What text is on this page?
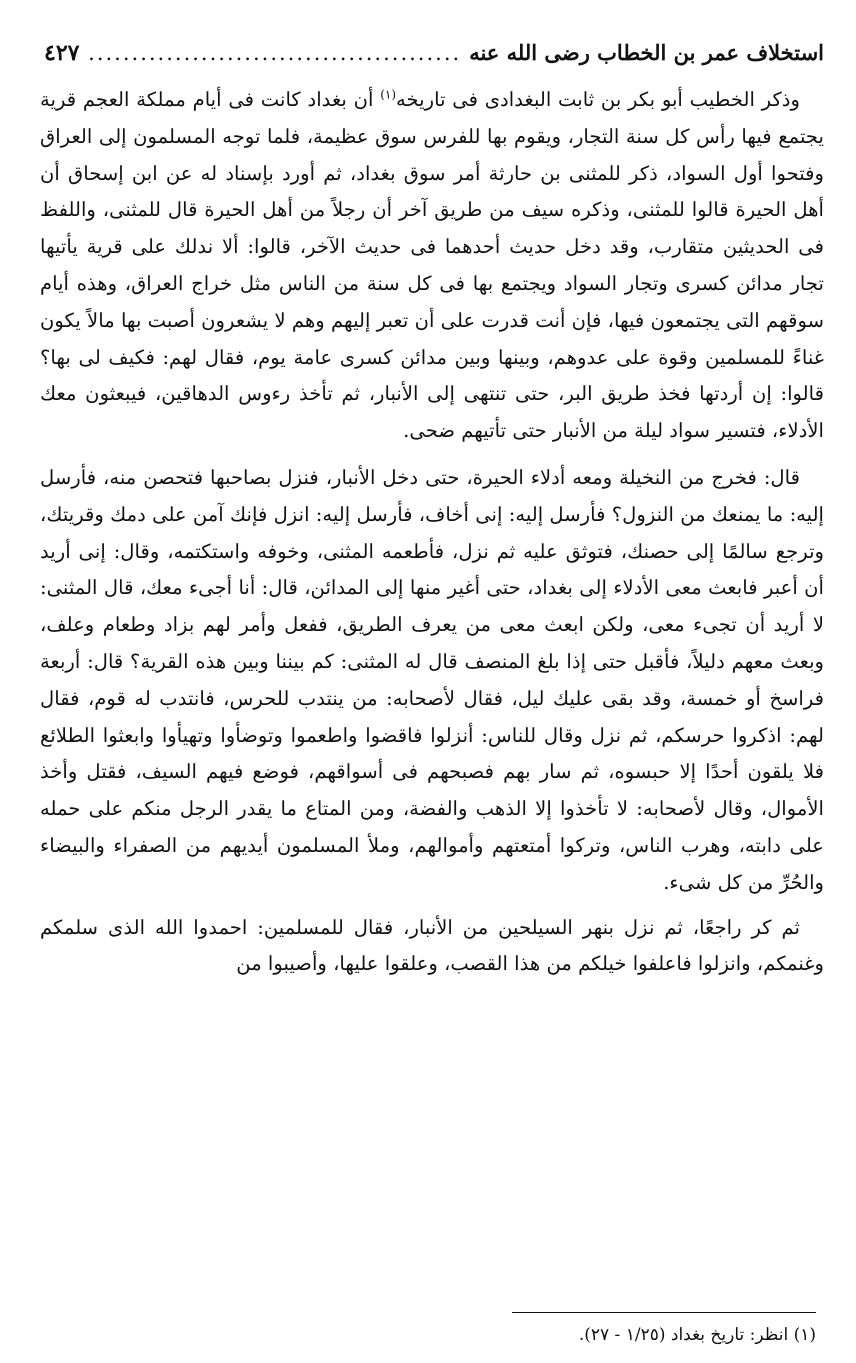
استخلاف عمر بن الخطاب رضى الله عنه
.....
٤٢٧

وذكر الخطيب أبو بكر بن ثابت البغدادى فى تاريخه$^{(١)}$ أن بغداد كانت فى أيام مملكة العجم قرية يجتمع فيها رأس كل سنة التجار، ويقوم بها للفرس سوق عظيمة، فلما توجه المسلمون إلى العراق وفتحوا أول السواد، ذكر للمثنى بن حارثة أمر سوق بغداد، ثم أورد بإسناد له عن ابن إسحاق أن أهل الحيرة قالوا للمثنى، وذكره سيف من طريق آخر أن رجلاً من أهل الحيرة قال للمثنى، واللفظ فى الحديثين متقارب، وقد دخل حديث أحدهما فى حديث الآخر، قالوا: ألا ندلك على قرية يأتيها تجار مدائن كسرى وتجار السواد ويجتمع بها فى كل سنة من الناس مثل خراج العراق، وهذه أيام سوقهم التى يجتمعون فيها، فإن أنت قدرت على أن تعبر إليهم وهم لا يشعرون أصبت بها مالاً يكون غناءً للمسلمين وقوة على عدوهم، وبينها وبين مدائن كسرى عامة يوم، فقال لهم: فكيف لى بها؟ قالوا: إن أردتها فخذ طريق البر، حتى تنتهى إلى الأنبار، ثم تأخذ رءوس الدهاقين، فيبعثون معك الأدلاء، فتسير سواد ليلة من الأنبار حتى تأتيهم ضحى.

قال: فخرج من النخيلة ومعه أدلاء الحيرة، حتى دخل الأنبار، فنزل بصاحبها فتحصن منه، فأرسل إليه: ما يمنعك من النزول؟ فأرسل إليه: إنى أخاف، فأرسل إليه: انزل فإنك آمن على دمك وقريتك، وترجع سالمًا إلى حصنك، فتوثق عليه ثم نزل، فأطعمه المثنى، وخوفه واستكتمه، وقال: إنى أريد أن أعبر فابعث معى الأدلاء إلى بغداد، حتى أغير منها إلى المدائن، قال: أنا أجىء معك، قال المثنى: لا أريد أن تجىء معى، ولكن ابعث معى من يعرف الطريق، ففعل وأمر لهم بزاد وطعام وعلف، وبعث معهم دليلاً، فأقبل حتى إذا بلغ المنصف قال له المثنى: كم بيننا وبين هذه القرية؟ قال: أربعة فراسخ أو خمسة، وقد بقى عليك ليل، فقال لأصحابه: من ينتدب للحرس، فانتدب له قوم، فقال لهم: اذكروا حرسكم، ثم نزل وقال للناس: أنزلوا فاقضوا واطعموا وتوضأوا وتهيأوا وابعثوا الطلائع فلا يلقون أحدًا إلا حبسوه، ثم سار بهم فصبحهم فى أسواقهم، فوضع فيهم السيف، فقتل وأخذ الأموال، وقال لأصحابه: لا تأخذوا إلا الذهب والفضة، ومن المتاع ما يقدر الرجل منكم على حمله على دابته، وهرب الناس، وتركوا أمتعتهم وأموالهم، وملأ المسلمون أيديهم من الصفراء والبيضاء والحُرِّ من كل شىء.

ثم كر راجعًا، ثم نزل بنهر السيلحين من الأنبار، فقال للمسلمين: احمدوا الله الذى سلمكم وغنمكم، وانزلوا فاعلفوا خيلكم من هذا القصب، وعلقوا عليها، وأصيبوا من

(١) انظر: تاريخ بغداد (١/٢٥ - ٢٧).
